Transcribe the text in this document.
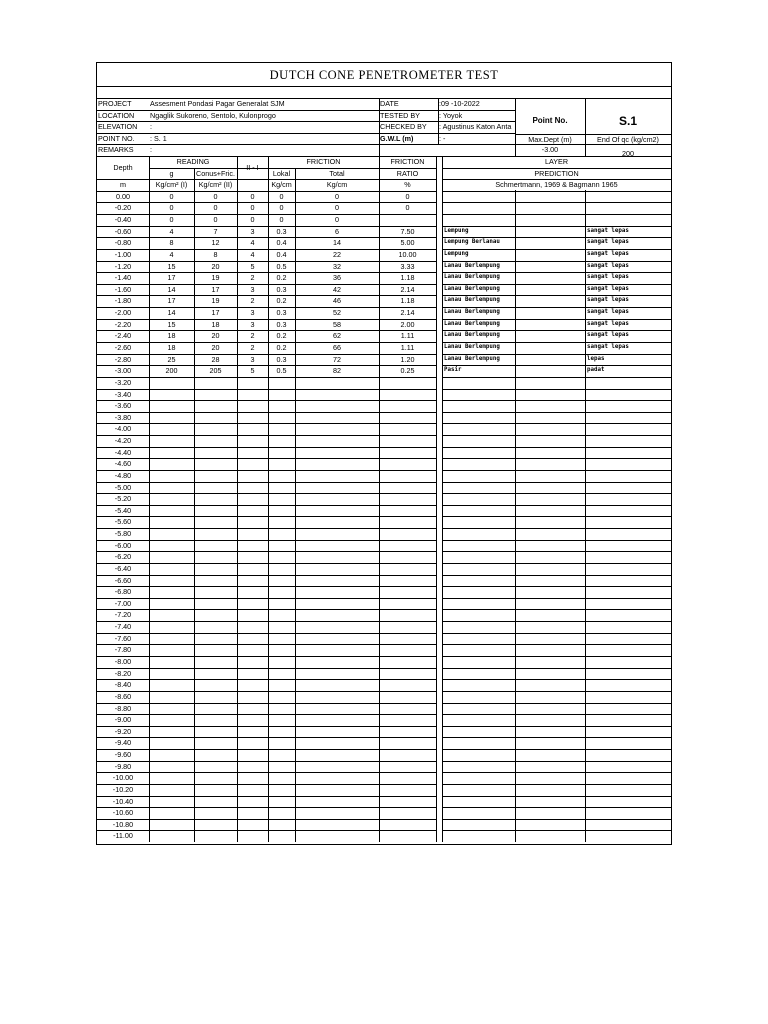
DUTCH CONE PENETROMETER TEST
PROJECT	Assesment Pondasi Pagar Generalat SJM
LOCATION	Ngaglik Sukoreno, Sentolo, Kulonprogo
ELEVATION	:
POINT NO.	: S. 1
REMARKS	:
DATE	:09 -10-2022
TESTED BY	: Yoyok
CHECKED BY	: Agustinus Katon Anta
G.W.L (m)	: -
Point No.	S.1
Max.Dept (m)	End Of qc (kg/cm2)
-3.00	200
Depth
m
READING
g	Conus+Fric.
Kg/cm² (I)	Kg/cm² (II)
II - I
FRICTION
Lokal	Total
Kg/cm	Kg/cm
FRICTION
RATIO
%
LAYER
PREDICTION
Schmertmann, 1969 & Bagmann 1965
0.00	0	0	0	0	0	0
-0.20	0	0	0	0	0	0
-0.40	0	0	0	0	0
-0.60	4	7	3	0.3	6	7.50	Lempung	sangat lepas
-0.80	8	12	4	0.4	14	5.00	Lempung Berlanau	sangat lepas
-1.00	4	8	4	0.4	22	10.00	Lempung	sangat lepas
-1.20	15	20	5	0.5	32	3.33	Lanau Berlempung	sangat lepas
-1.40	17	19	2	0.2	36	1.18	Lanau Berlempung	sangat lepas
-1.60	14	17	3	0.3	42	2.14	Lanau Berlempung	sangat lepas
-1.80	17	19	2	0.2	46	1.18	Lanau Berlempung	sangat lepas
-2.00	14	17	3	0.3	52	2.14	Lanau Berlempung	sangat lepas
-2.20	15	18	3	0.3	58	2.00	Lanau Berlempung	sangat lepas
-2.40	18	20	2	0.2	62	1.11	Lanau Berlempung	sangat lepas
-2.60	18	20	2	0.2	66	1.11	Lanau Berlempung	sangat lepas
-2.80	25	28	3	0.3	72	1.20	Lanau Berlempung	lepas
-3.00	200	205	5	0.5	82	0.25	Pasir	padat
-3.20
-3.40
-3.60
-3.80
-4.00
-4.20
-4.40
-4.60
-4.80
-5.00
-5.20
-5.40
-5.60
-5.80
-6.00
-6.20
-6.40
-6.60
-6.80
-7.00
-7.20
-7.40
-7.60
-7.80
-8.00
-8.20
-8.40
-8.60
-8.80
-9.00
-9.20
-9.40
-9.60
-9.80
-10.00
-10.20
-10.40
-10.60
-10.80
-11.00
